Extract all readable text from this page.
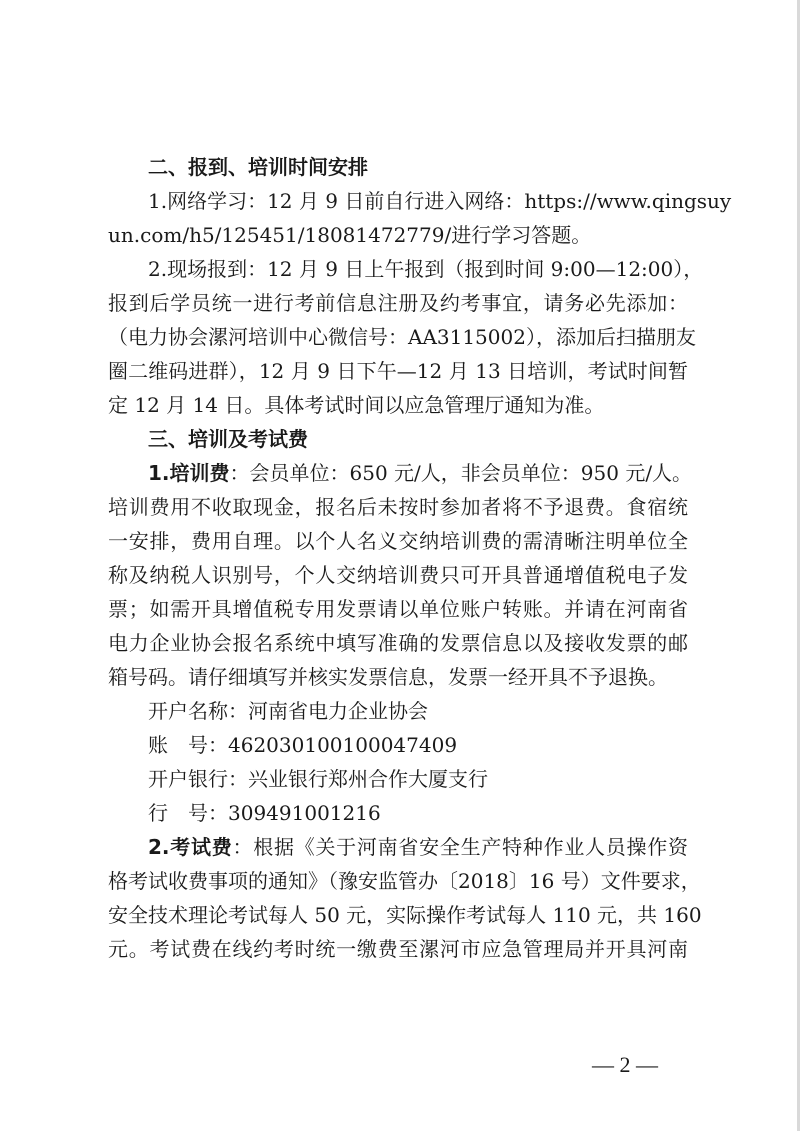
二、报到、培训时间安排
1.网络学习：12 月 9 日前自行进入网络：https://www.qingsuy
un.com/h5/125451/18081472779/进行学习答题。
2.现场报到：12 月 9 日上午报到（报到时间 9:00—12:00），
报到后学员统一进行考前信息注册及约考事宜，请务必先添加：
（电力协会漯河培训中心微信号：AA3115002），添加后扫描朋友
圈二维码进群），12 月 9 日下午—12 月 13 日培训，考试时间暂
定 12 月 14 日。具体考试时间以应急管理厅通知为准。
三、培训及考试费
1.培训费：会员单位：650 元/人，非会员单位：950 元/人。
培训费用不收取现金，报名后未按时参加者将不予退费。食宿统
一安排，费用自理。以个人名义交纳培训费的需清晰注明单位全
称及纳税人识别号，个人交纳培训费只可开具普通增值税电子发
票；如需开具增值税专用发票请以单位账户转账。并请在河南省
电力企业协会报名系统中填写准确的发票信息以及接收发票的邮
箱号码。请仔细填写并核实发票信息，发票一经开具不予退换。
开户名称：河南省电力企业协会
账　号：462030100100047409
开户银行：兴业银行郑州合作大厦支行
行　号：309491001216
2.考试费：根据《关于河南省安全生产特种作业人员操作资
格考试收费事项的通知》（豫安监管办〔2018〕16 号）文件要求，
安全技术理论考试每人 50 元，实际操作考试每人 110 元，共 160
元。考试费在线约考时统一缴费至漯河市应急管理局并开具河南
— 2 —
